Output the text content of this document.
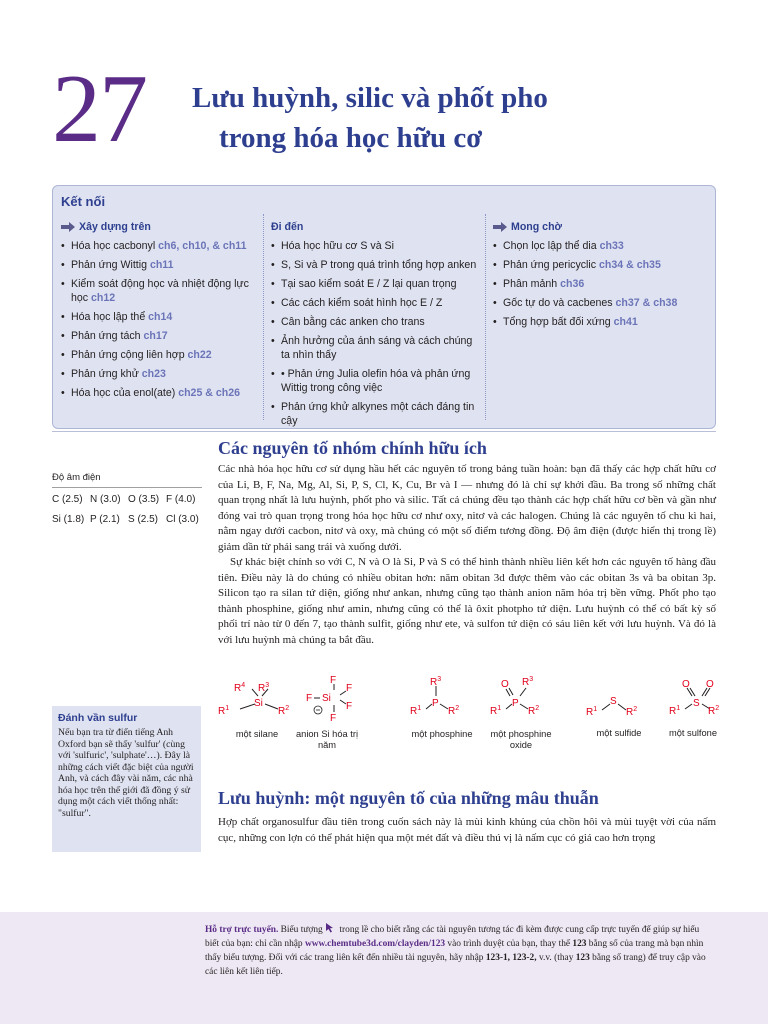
27 Lưu huỳnh, silic và phốt pho
trong hóa học hữu cơ
Kết nối
Xây dựng trên
• Hóa học cacbonyl ch6, ch10, & ch11
• Phản ứng Wittig ch11
• Kiểm soát động học và nhiệt động lực học ch12
• Hóa học lập thể ch14
• Phản ứng tách ch17
• Phản ứng cộng liên hợp ch22
• Phản ứng khử ch23
• Hóa học của enol(ate) ch25 & ch26
Đi đến
• Hóa học hữu cơ S và Si
• S, Si và P trong quá trình tổng hợp anken
• Tại sao kiểm soát E / Z lại quan trọng
• Các cách kiểm soát hình học E / Z
• Cân bằng các anken cho trans
• Ảnh hưởng của ánh sáng và cách chúng ta nhìn thấy
• • Phản ứng Julia olefin hóa và phản ứng Wittig trong công việc
• Phản ứng khử alkynes một cách đáng tin cậy
Mong chờ
• Chọn lọc lập thể dia ch33
• Phản ứng pericyclic ch34 & ch35
• Phân mảnh ch36
• Gốc tự do và cacbenes ch37 & ch38
• Tổng hợp bất đối xứng ch41
Độ âm điện
C (2.5) N (3.0) O (3.5) F (4.0)
Si (1.8) P (2.1) S (2.5) Cl (3.0)
Các nguyên tố nhóm chính hữu ích
Các nhà hóa học hữu cơ sử dụng hầu hết các nguyên tố trong bảng tuần hoàn: bạn đã thấy các hợp chất hữu cơ của Li, B, F, Na, Mg, Al, Si, P, S, Cl, K, Cu, Br và I — nhưng đó là chỉ sự khởi đầu. Ba trong số những chất quan trọng nhất là lưu huỳnh, phốt pho và silic. Tất cả chúng đều tạo thành các hợp chất hữu cơ bền và gần như đóng vai trò quan trọng trong hóa học hữu cơ như oxy, nitơ và các halogen. Chúng là các nguyên tố chu kì hai, nằm ngay dưới cacbon, nitơ và oxy, mà chúng có một số điểm tương đồng. Độ âm điện (được hiển thị trong lề) giảm dần từ phải sang trái và xuống dưới.
Sự khác biệt chính so với C, N và O là Si, P và S có thể hình thành nhiều liên kết hơn các nguyên tố hàng đầu tiên. Điều này là do chúng có nhiều obitan hơn: năm obitan 3d được thêm vào các obitan 3s và ba obitan 3p. Silicon tạo ra silan tứ diện, giống như ankan, nhưng cũng tạo thành anion năm hóa trị bền vững. Phốt pho tạo thành phosphine, giống như amin, nhưng cũng có thể là ôxit photpho tứ diện. Lưu huỳnh có thể có bất kỳ số phối trí nào từ 0 đến 7, tạo thành sulfit, giống như ete, và sulfon tứ diện có sáu liên kết với lưu huỳnh. Và đó là với lưu huỳnh mà chúng ta bắt đầu.
$R^4$ $R^3$
$R^1$ Si
$R^2$
F
F Si
F
F
F
$R^3$
$R^1$ P
$R^2$
O $R^3$
$R^1$ P
$R^2$	$R^1$
S
$R^2$
O O
$R^1$ S
$R^2$
một silane	anion Si hóa trị năm
một phosphine	một phosphine oxide
một sulfide	một sulfone
Đánh vần sulfur
Nếu bạn tra từ điển tiếng Anh Oxford bạn sẽ thấy 'sulfur' (cùng với 'sulfuric', 'sulphate'…). Đây là những cách viết đặc biệt của người Anh, và cách đây vài năm, các nhà hóa học trên thế giới đã đồng ý sử dụng một cách viết thống nhất: "sulfur".
Lưu huỳnh: một nguyên tố của những mâu thuẫn
Hợp chất organosulfur đầu tiên trong cuốn sách này là mùi kinh khủng của chồn hôi và mùi tuyệt vời của nấm cục, những con lợn có thể phát hiện qua một mét đất và điều thú vị là nấm cục có giá cao hơn trọng
Hỗ trợ trực tuyến. Biểu tượng  trong lề cho biết rằng các tài nguyên tương tác đi kèm được cung cấp trực tuyến để giúp sự hiểu biết của bạn: chỉ cần nhập www.chemtube3d.com/clayden/123 vào trình duyệt của bạn, thay thế 123 bằng số của trang mà bạn nhìn thấy biểu tượng. Đối với các trang liên kết đến nhiều tài nguyên, hãy nhập 123-1, 123-2, v.v. (thay 123 bằng số trang) để truy cập vào các liên kết liên tiếp.
